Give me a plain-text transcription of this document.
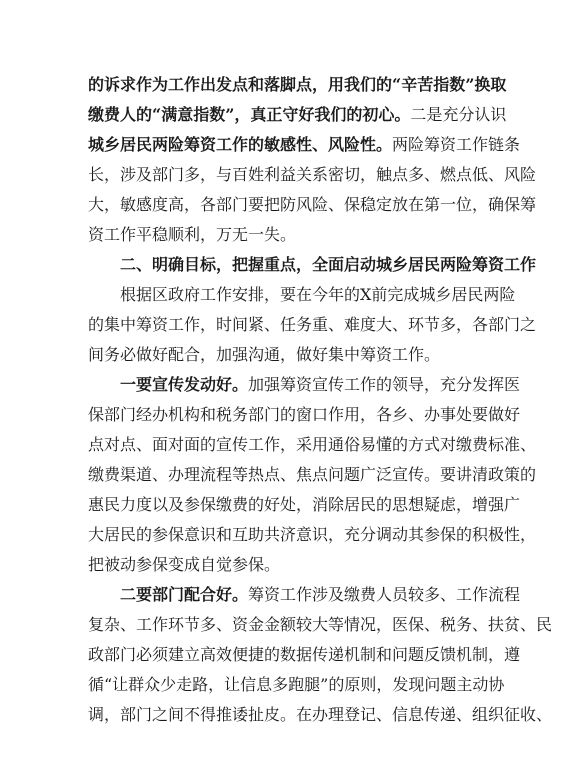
的诉求作为工作出发点和落脚点，用我们的“辛苦指数”换取
缴费人的“满意指数”，真正守好我们的初心。二是充分认识
城乡居民两险筹资工作的敏感性、风险性。两险筹资工作链条
长，涉及部门多，与百姓利益关系密切，触点多、燃点低、风险
大，敏感度高，各部门要把防风险、保稳定放在第一位，确保筹
资工作平稳顺利，万无一失。
二、明确目标，把握重点，全面启动城乡居民两险筹资工作
根据区政府工作安排，要在今年的X前完成城乡居民两险
的集中筹资工作，时间紧、任务重、难度大、环节多，各部门之
间务必做好配合，加强沟通，做好集中筹资工作。
一要宣传发动好。加强筹资宣传工作的领导，充分发挥医
保部门经办机构和税务部门的窗口作用，各乡、办事处要做好
点对点、面对面的宣传工作，采用通俗易懂的方式对缴费标准、
缴费渠道、办理流程等热点、焦点问题广泛宣传。要讲清政策的
惠民力度以及参保缴费的好处，消除居民的思想疑虑，增强广
大居民的参保意识和互助共济意识，充分调动其参保的积极性，
把被动参保变成自觉参保。
二要部门配合好。筹资工作涉及缴费人员较多、工作流程
复杂、工作环节多、资金金额较大等情况，医保、税务、扶贫、民
政部门必须建立高效便捷的数据传递机制和问题反馈机制，遵
循“让群众少走路，让信息多跑腿”的原则，发现问题主动协
调，部门之间不得推诿扯皮。在办理登记、信息传递、组织征收、
